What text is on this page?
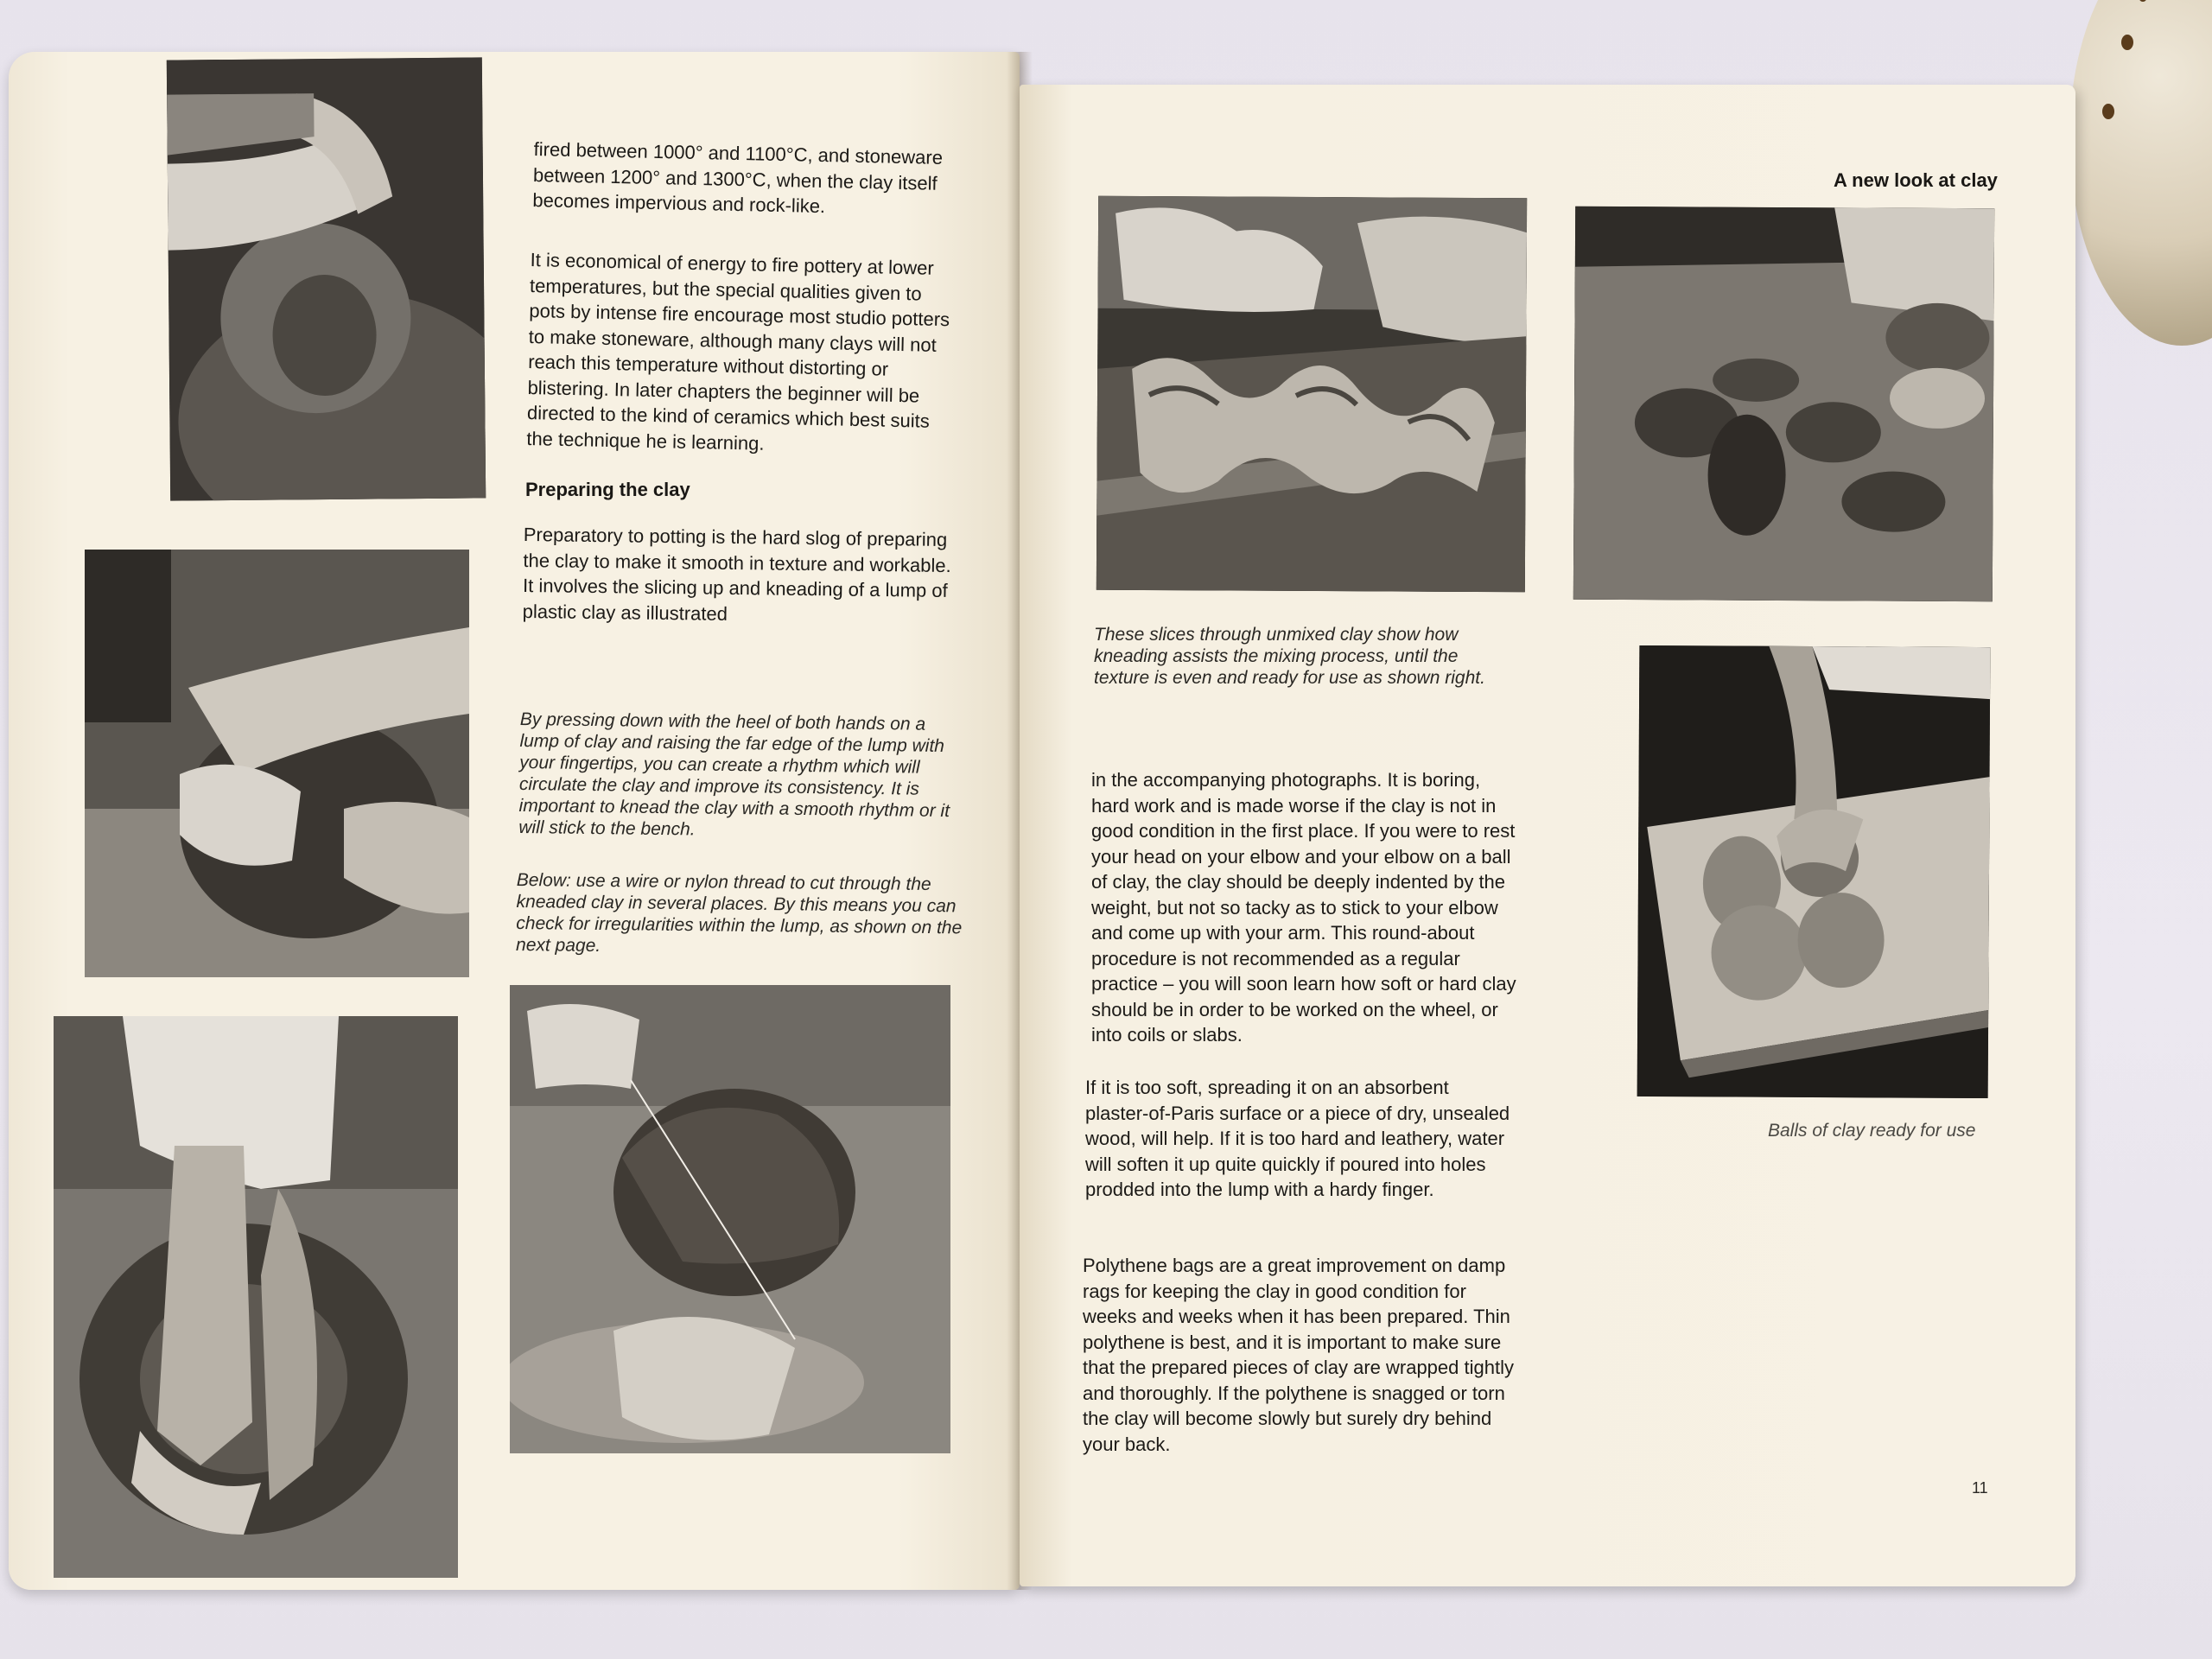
fired between 1000° and 1100°C, and stoneware between 1200° and 1300°C, when the clay itself becomes impervious and rock-like.
It is economical of energy to fire pottery at lower temperatures, but the special qualities given to pots by intense fire encourage most studio potters to make stoneware, although many clays will not reach this temperature without distorting or blistering. In later chapters the beginner will be directed to the kind of ceramics which best suits the technique he is learning.
Preparing the clay
Preparatory to potting is the hard slog of preparing the clay to make it smooth in texture and workable. It involves the slicing up and kneading of a lump of plastic clay as illustrated
By pressing down with the heel of both hands on a lump of clay and raising the far edge of the lump with your fingertips, you can create a rhythm which will circulate the clay and improve its consistency. It is important to knead the clay with a smooth rhythm or it will stick to the bench.
Below: use a wire or nylon thread to cut through the kneaded clay in several places. By this means you can check for irregularities within the lump, as shown on the next page.
A new look at clay
These slices through unmixed clay show how kneading assists the mixing process, until the texture is even and ready for use as shown right.
Balls of clay ready for use
in the accompanying photographs. It is boring, hard work and is made worse if the clay is not in good condition in the first place. If you were to rest your head on your elbow and your elbow on a ball of clay, the clay should be deeply indented by the weight, but not so tacky as to stick to your elbow and come up with your arm. This round-about procedure is not recommended as a regular practice – you will soon learn how soft or hard clay should be in order to be worked on the wheel, or into coils or slabs.
If it is too soft, spreading it on an absorbent plaster-of-Paris surface or a piece of dry, unsealed wood, will help. If it is too hard and leathery, water will soften it up quite quickly if poured into holes prodded into the lump with a hardy finger.
Polythene bags are a great improvement on damp rags for keeping the clay in good condition for weeks and weeks when it has been prepared. Thin polythene is best, and it is important to make sure that the prepared pieces of clay are wrapped tightly and thoroughly. If the polythene is snagged or torn the clay will become slowly but surely dry behind your back.
11
